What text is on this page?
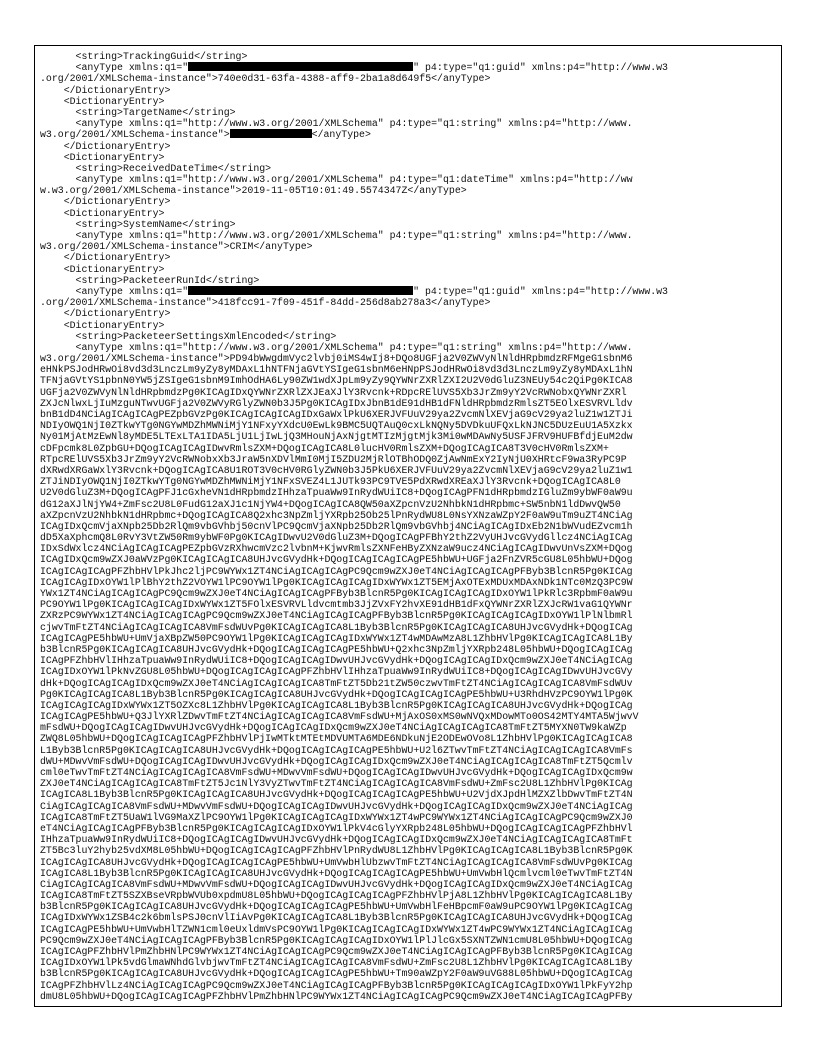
<string>TrackingGuid</string>
<anyType xmlns:q1="	" p4:type="q1:guid" xmlns:p4="http://www.w3
.org/2001/XMLSchema-instance">740e0d31-63fa-4388-aff9-2ba1a8d649f5</anyType>
</DictionaryEntry>
<DictionaryEntry>
<string>TargetName</string>
<anyType xmlns:q1="http://www.w3.org/2001/XMLSchema" p4:type="q1:string" xmlns:p4="http://www.
w3.org/2001/XMLSchema-instance">	</anyType>
</DictionaryEntry>
<DictionaryEntry>
<string>ReceivedDateTime</string>
<anyType xmlns:q1="http://www.w3.org/2001/XMLSchema" p4:type="q1:dateTime" xmlns:p4="http://ww
w.w3.org/2001/XMLSchema-instance">2019-11-05T10:01:49.5574347Z</anyType>
</DictionaryEntry>
<DictionaryEntry>
<string>SystemName</string>
<anyType xmlns:q1="http://www.w3.org/2001/XMLSchema" p4:type="q1:string" xmlns:p4="http://www.
w3.org/2001/XMLSchema-instance">CRIM</anyType>
</DictionaryEntry>
<DictionaryEntry>
<string>PacketeerRunId</string>
<anyType xmlns:q1="	" p4:type="q1:guid" xmlns:p4="http://www.w3
.org/2001/XMLSchema-instance">418fcc91-7f09-451f-84dd-256d8ab278a3</anyType>
</DictionaryEntry>
<DictionaryEntry>
<string>PacketeerSettingsXmlEncoded</string>
<anyType xmlns:q1="http://www.w3.org/2001/XMLSchema" p4:type="q1:string" xmlns:p4="http://www.
w3.org/2001/XMLSchema-instance">PD94bWwgdmVyc2lvbj0iMS4wIj8+DQo8UGFja2V0ZWVyNlNldHRpbmdzRFMgeG1sbnM6
eHNkPSJodHRwOi8vd3d3LnczLm9yZy8yMDAxL1hNTFNjaGVtYSIgeG1sbnM6eHNpPSJodHRwOi8vd3d3LnczLm9yZy8yMDAxL1hN
TFNjaGVtYS1pbnN0YW5jZSIgeG1sbnM9ImhOdHA6Ly90ZW1wdXJpLm9yZy9QYWNrZXRlZXI2U2V0dGluZ3NEUy54c2QiPg0KICA8
UGFja2V0ZWVyNlNldHRpbmdzPg0KICAgIDxQYWNrZXRlZXJEaXJlY3Rvcnk+RDpcRElUVS5Xb3JrZm9yY2VcRWNobxQYWNrZXRl
ZXJcNlwxLjIuMzguNTwvUGFja2V0ZWVyRGlyZWN0b3J5Pg0KICAgIDxJbnB1dE91dHB1dFNldHRpbmdzRmlsZT5EOlxESVRVLldv
bnB1dD4NCiAgICAgICAgPEZpbGVzPg0KICAgICAgICAgIDxGaWxlPkU6XERJVFUuV29ya2ZvcmNlXEVjaG9cV29ya2luZ1w1ZTJi
NDIyOWQ1NjI0ZTkwYTg0NGYwMDZhMWNiMjY1NFxyYXdcU0EwLk9BMC5UQTAuQ0cxLkNQNy5DVDkuUFQxLkNJNC5DUzEuU1A5Xzkx
Ny01MjAtMzEwNl8yMDE5LTExLTA1IDA5LjU1LjIwLjQ3MHouNjAxNjgtMTIzMjgtMjk3Mi0wMDAwNy5USFJFRV9HUFBfdjEuM2dw
cDFpcmk8L0ZpbGU+DQogICAgICAgIDwvRmlsZXM+DQogICAgICA8L0lucHV0RmlsZXM+DQogICAgICA8T3V0cHV0RmlsZXM+
RTpcRElUVS5Xb3JrZm9yY2VcRWNobxXb3JraW5nXDVlMmI0MjI5ZDU2MjRlOTBhODQ0ZjAwNmExY2IyNjU0XHRtcF9wa3RyPC9P
dXRwdXRGaWxlY3Rvcnk+DQogICAgICA8U1ROT3V0cHV0RGlyZWN0b3J5PkU6XERJVFUuV29ya2ZvcmNlXEVjaG9cV29ya2luZ1w1
ZTJiNDIyOWQ1NjI0ZTkwYTg0NGYwMDZhMWNiMjY1NFxSVEZ4L1JUTk93PC9TVE5PdXRwdXREaXJlY3Rvcnk+DQogICAgICA8L0
U2V0dGluZ3M+DQogICAgPFJ1cGxheVN1dHRpbmdzIHhzaTpuaWw9InRydWUiIC8+DQogICAgPFN1dHRpbmdzIGluZm9ybWF0aW9u
dG12aXJlNjYW4+ZmFsc2U8L0FudG12aXJ1c1NjYW4+DQogICAgICA8QW50aXZpcnVzU2NhbkN1dHRpbmc+SW5nbN1ldDwvQW50
aXZpcnVzU2NhbkN1dHRpbmc+DQogICAgICA8Q2xhc3NpZmljYXRpb25Ob25lPnRydWU8L0NsYXNzaWZpY2F0aW9uTm9uZT4NCiAg
ICAgIDxQcmVjaXNpb25Db2RlQm9vbGVhbj50cnVlPC9QcmVjaXNpb25Db2RlQm9vbGVhbj4NCiAgICAgIDxEb2N1bWVudEZvcm1h
dD5XaXphcmQ8L0RvY3VtZW50Rm9ybWF0Pg0KICAgIDwvU2V0dGluZ3M+DQogICAgPFBhY2thZ2VyUHJvcGVydGllcz4NCiAgICAg
IDxSdWxlcz4NCiAgICAgICAgPEZpbGVzRXhwcmVzc2lvbnM+KjwvRmlsZXNFeHByZXNzaW9ucz4NCiAgICAgIDwvUnVsZXM+DQog
ICAgIDxQcm9wZXJ0aWVzPg0KICAgICAgICA8UHJvcGVydHk+DQogICAgICAgICAgPE5hbWU+UGFja2FnZVR5cGU8L05hbWU+DQog
ICAgICAgICAgPFZhbHVlPkJhc2ljPC9WYWx1ZT4NCiAgICAgICAgPC9Qcm9wZXJ0eT4NCiAgICAgICAgPFByb3BlcnR5Pg0KICAg
ICAgICAgIDxOYW1lPlBhY2thZ2VOYW1lPC9OYW1lPg0KICAgICAgICAgIDxWYWx1ZT5EMjAxOTExMDUxMDAxNDk1NTc0MzQ3PC9W
YWx1ZT4NCiAgICAgICAgPC9Qcm9wZXJ0eT4NCiAgICAgICAgPFByb3BlcnR5Pg0KICAgICAgICAgIDxOYW1lPkRlc3RpbmF0aW9u
PC9OYW1lPg0KICAgICAgICAgIDxWYWx1ZT5FOlxESVRVLldvcmtmb3JjZVxFY2hvXE91dHB1dFxQYWNrZXRlZXJcRW1vaG1QYWNr
ZXRzPC9WYWx1ZT4NCiAgICAgICAgPC9Qcm9wZXJ0eT4NCiAgICAgICAgPFByb3BlcnR5Pg0KICAgICAgICAgIDxOYW1lPlNlbmRl
cjwvTmFtZT4NCiAgICAgICAgICA8VmFsdWUvPg0KICAgICAgICA8L1Byb3BlcnR5Pg0KICAgICAgICA8UHJvcGVydHk+DQogICAg
ICAgICAgPE5hbWU+UmVjaXBpZW50PC9OYW1lPg0KICAgICAgICAgIDxWYWx1ZT4wMDAwMzA8L1ZhbHVlPg0KICAgICAgICA8L1By
b3BlcnR5Pg0KICAgICAgICA8UHJvcGVydHk+DQogICAgICAgICAgPE5hbWU+Q2xhc3NpZmljYXRpb248L05hbWU+DQogICAgICAg
ICAgPFZhbHVlIHhzaTpuaWw9InRydWUiIC8+DQogICAgICAgIDwvUHJvcGVydHk+DQogICAgICAgIDxQcm9wZXJ0eT4NCiAgICAg
ICAgIDxOYW1lPkNvZGU8L05hbWU+DQogICAgICAgICAgPFZhbHVlIHhzaTpuaWw9InRydWUiIC8+DQogICAgICAgIDwvUHJvcGVy
dHk+DQogICAgICAgIDxQcm9wZXJ0eT4NCiAgICAgICAgICA8TmFtZT5Db21tZW50czwvTmFtZT4NCiAgICAgICAgICA8VmFsdWUv
Pg0KICAgICAgICA8L1Byb3BlcnR5Pg0KICAgICAgICA8UHJvcGVydHk+DQogICAgICAgICAgPE5hbWU+U3RhdHVzPC9OYW1lPg0K
ICAgICAgICAgIDxWYWx1ZT5OZXc8L1ZhbHVlPg0KICAgICAgICA8L1Byb3BlcnR5Pg0KICAgICAgICA8UHJvcGVydHk+DQogICAg
ICAgICAgPE5hbWU+Q3JlYXRlZDwvTmFtZT4NCiAgICAgICAgICA8VmFsdWU+MjAxOS0xMS0wNVQxMDowMTo0OS42MTY4MTA5WjwvV
mFsdWU+DQogICAgICAgIDwvUHJvcGVydHk+DQogICAgICAgIDxQcm9wZXJ0eT4NCiAgICAgICAgICA8TmFtZT5MYXN0TW9kaWZp
ZWQ8L05hbWU+DQogICAgICAgICAgPFZhbHVlPjIwMTktMTEtMDVUMTA6MDE6NDkuNjE2ODEwOVo8L1ZhbHVlPg0KICAgICAgICA8
L1Byb3BlcnR5Pg0KICAgICAgICA8UHJvcGVydHk+DQogICAgICAgICAgPE5hbWU+U2l6ZTwvTmFtZT4NCiAgICAgICAgICA8VmFs
dWU+MDwvVmFsdWU+DQogICAgICAgIDwvUHJvcGVydHk+DQogICAgICAgIDxQcm9wZXJ0eT4NCiAgICAgICAgICA8TmFtZT5Qcmlv
cml0eTwvTmFtZT4NCiAgICAgICAgICA8VmFsdWU+MDwvVmFsdWU+DQogICAgICAgIDwvUHJvcGVydHk+DQogICAgICAgIDxQcm9w
ZXJ0eT4NCiAgICAgICAgICA8TmFtZT5Jc1NlY3VyZTwvTmFtZT4NCiAgICAgICAgICA8VmFsdWU+ZmFsc2U8L1ZhbHVlPg0KICAg
ICAgICA8L1Byb3BlcnR5Pg0KICAgICAgICA8UHJvcGVydHk+DQogICAgICAgICAgPE5hbWU+U2VjdXJpdHlMZXZlbDwvTmFtZT4N
CiAgICAgICAgICA8VmFsdWU+MDwvVmFsdWU+DQogICAgICAgIDwvUHJvcGVydHk+DQogICAgICAgIDxQcm9wZXJ0eT4NCiAgICAg
ICAgICA8TmFtZT5UaW1lVG9MaXZlPC9OYW1lPg0KICAgICAgICAgIDxWYWx1ZT4wPC9WYWx1ZT4NCiAgICAgICAgPC9Qcm9wZXJ0
eT4NCiAgICAgICAgPFByb3BlcnR5Pg0KICAgICAgICAgIDxOYW1lPkV4cGlyYXRpb248L05hbWU+DQogICAgICAgICAgPFZhbHVl
IHhzaTpuaWw9InRydWUiIC8+DQogICAgICAgIDwvUHJvcGVydHk+DQogICAgICAgIDxQcm9wZXJ0eT4NCiAgICAgICAgICA8TmFt
ZT5Bc3luY2hyb25vdXM8L05hbWU+DQogICAgICAgICAgPFZhbHVlPnRydWU8L1ZhbHVlPg0KICAgICAgICA8L1Byb3BlcnR5Pg0K
ICAgICAgICA8UHJvcGVydHk+DQogICAgICAgICAgPE5hbWU+UmVwbHlUbzwvTmFtZT4NCiAgICAgICAgICA8VmFsdWUvPg0KICAg
ICAgICA8L1Byb3BlcnR5Pg0KICAgICAgICA8UHJvcGVydHk+DQogICAgICAgICAgPE5hbWU+UmVwbHlQcmlvcml0eTwvTmFtZT4N
CiAgICAgICAgICA8VmFsdWU+MDwvVmFsdWU+DQogICAgICAgIDwvUHJvcGVydHk+DQogICAgICAgIDxQcm9wZXJ0eT4NCiAgICAg
ICAgICA8TmFtZT5SZXBseVRpbWVUb0xpdmU8L05hbWU+DQogICAgICAgICAgPFZhbHVlPjA8L1ZhbHVlPg0KICAgICAgICA8L1By
b3BlcnR5Pg0KICAgICAgICA8UHJvcGVydHk+DQogICAgICAgICAgPE5hbWU+UmVwbHlFeHBpcmF0aW9uPC9OYW1lPg0KICAgICAg
ICAgIDxWYWx1ZSB4c2k6bmlsPSJ0cnVlIiAvPg0KICAgICAgICA8L1Byb3BlcnR5Pg0KICAgICAgICA8UHJvcGVydHk+DQogICAg
ICAgICAgPE5hbWU+UmVwbHlTZWN1cml0eUxldmVsPC9OYW1lPg0KICAgICAgICAgIDxWYWx1ZT4wPC9WYWx1ZT4NCiAgICAgICAg
PC9Qcm9wZXJ0eT4NCiAgICAgICAgPFByb3BlcnR5Pg0KICAgICAgICAgIDxOYW1lPlJlcGx5SXNTZWN1cmU8L05hbWU+DQogICAg
ICAgICAgPFZhbHVlPmZhbHNlPC9WYWx1ZT4NCiAgICAgICAgPC9Qcm9wZXJ0eT4NCiAgICAgICAgPFByb3BlcnR5Pg0KICAgICAg
ICAgIDxOYW1lPk5vdGlmaWNhdGlvbjwvTmFtZT4NCiAgICAgICAgICA8VmFsdWU+ZmFsc2U8L1ZhbHVlPg0KICAgICAgICA8L1By
b3BlcnR5Pg0KICAgICAgICA8UHJvcGVydHk+DQogICAgICAgICAgPE5hbWU+Tm90aWZpY2F0aW9uVG88L05hbWU+DQogICAgICAg
ICAgPFZhbHVlLz4NCiAgICAgICAgPC9Qcm9wZXJ0eT4NCiAgICAgICAgPFByb3BlcnR5Pg0KICAgICAgICAgIDxOYW1lPkFyY2hp
dmU8L05hbWU+DQogICAgICAgICAgPFZhbHVlPmZhbHNlPC9WYWx1ZT4NCiAgICAgICAgPC9Qcm9wZXJ0eT4NCiAgICAgICAgPFBy
